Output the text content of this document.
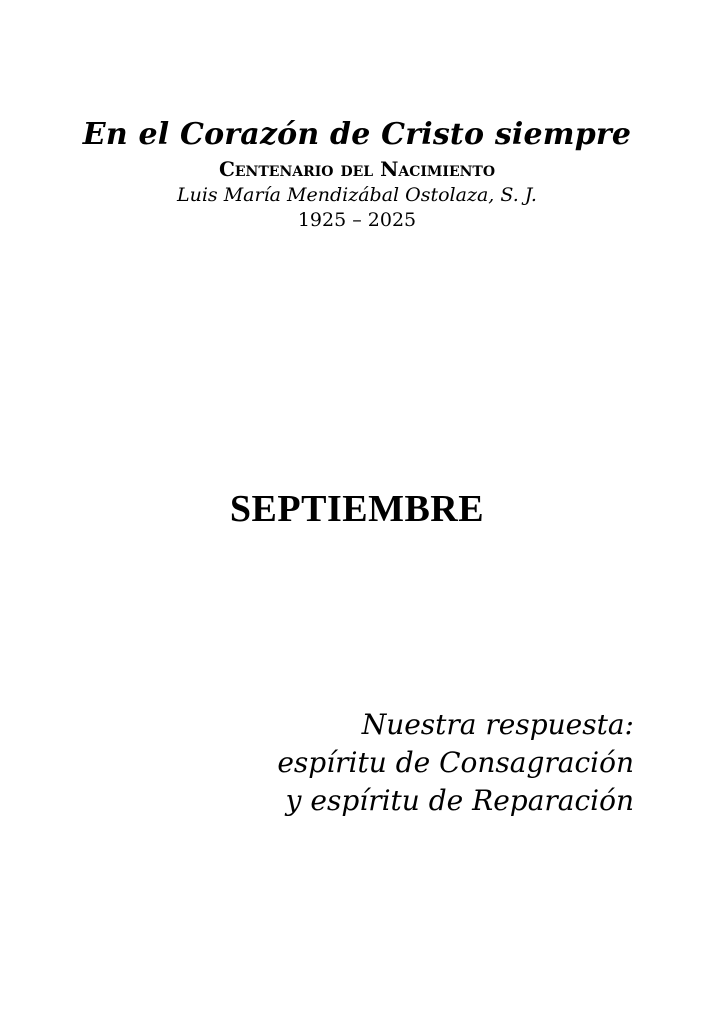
En el Corazón de Cristo siempre

Centenario del Nacimiento

Luis María Mendizábal Ostolaza, S. J.

1925 – 2025

SEPTIEMBRE

Nuestra respuesta:

espíritu de Consagración

y espíritu de Reparación
